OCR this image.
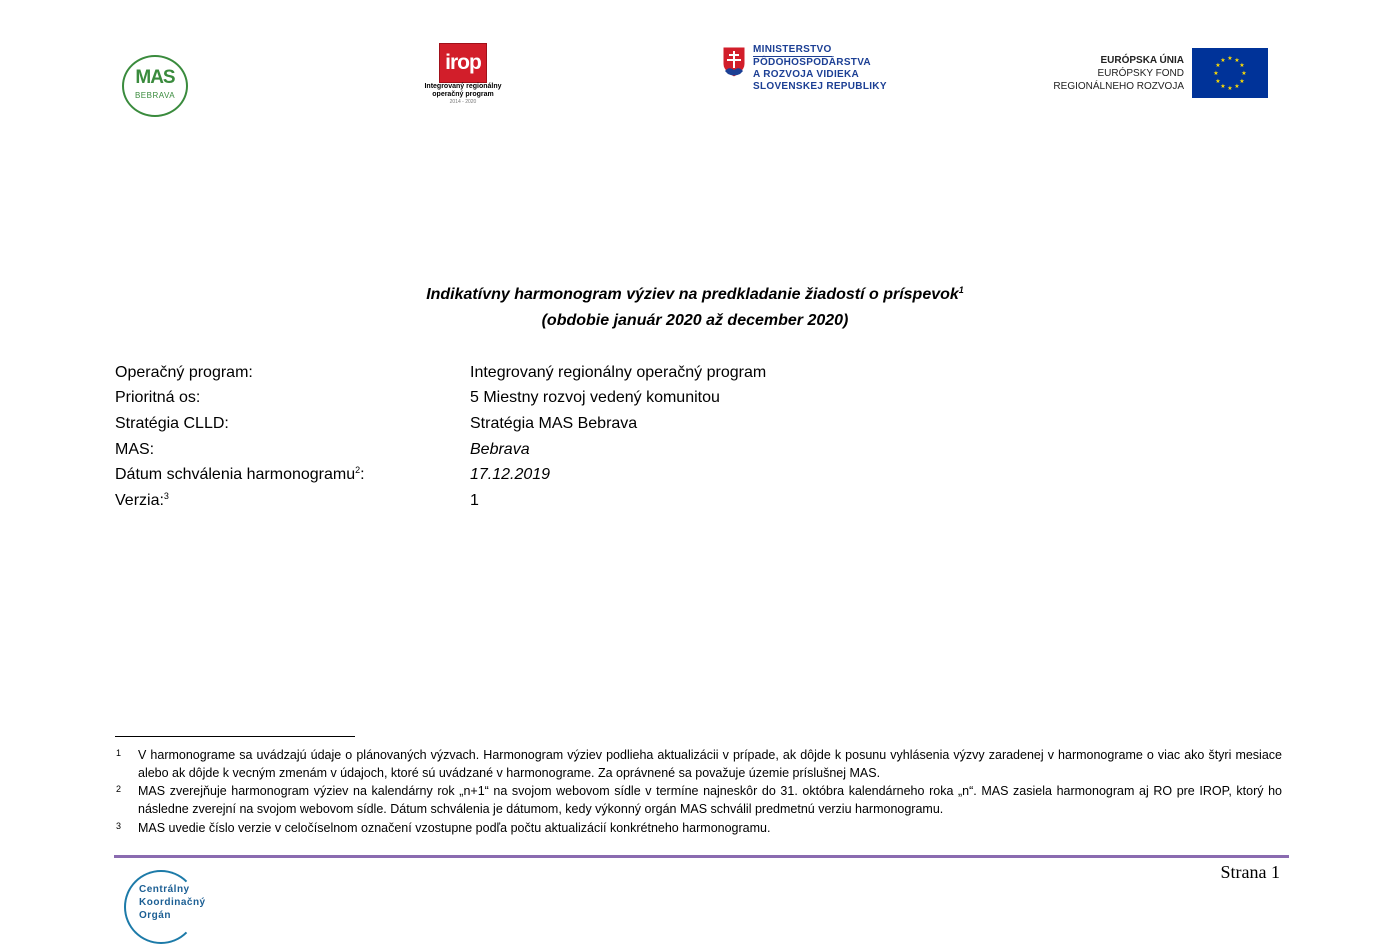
MAS
BEBRAVA
irop
Integrovaný regionálny
operačný program
2014 - 2020
MINISTERSTVO
PÔDOHOSPODÁRSTVA
A ROZVOJA VIDIEKA
SLOVENSKEJ REPUBLIKY
EURÓPSKA ÚNIA
EURÓPSKY FOND
REGIONÁLNEHO ROZVOJA
★ ★
★
★
★
★
★
★
★
★
★
★
Indikatívny harmonogram výziev na predkladanie žiadostí o príspevok$^1$
(obdobie január 2020 až december 2020)
Operačný program:	Integrovaný regionálny operačný program
Prioritná os:	5 Miestny rozvoj vedený komunitou
Stratégia CLLD:	Stratégia MAS Bebrava
MAS:	Bebrava
Dátum schválenia harmonogramu$^2$:	17.12.2019
Verzia:$^3$	1
1 V harmonograme sa uvádzajú údaje o plánovaných výzvach. Harmonogram výziev podlieha aktualizácii v prípade, ak dôjde k posunu vyhlásenia výzvy zaradenej v harmonograme o viac ako štyri mesiace alebo ak dôjde k vecným zmenám v údajoch, ktoré sú uvádzané v harmonograme. Za oprávnené sa považuje územie príslušnej MAS.
2 MAS zverejňuje harmonogram výziev na kalendárny rok „n+1“ na svojom webovom sídle v termíne najneskôr do 31. októbra kalendárneho roka „n“. MAS zasiela harmonogram aj RO pre IROP, ktorý ho následne zverejní na svojom webovom sídle. Dátum schválenia je dátumom, kedy výkonný orgán MAS schválil predmetnú verziu harmonogramu.
3 MAS uvedie číslo verzie v celočíselnom označení vzostupne podľa počtu aktualizácií konkrétneho harmonogramu.
Strana 1
Centrálny
Koordinačný
Orgán
